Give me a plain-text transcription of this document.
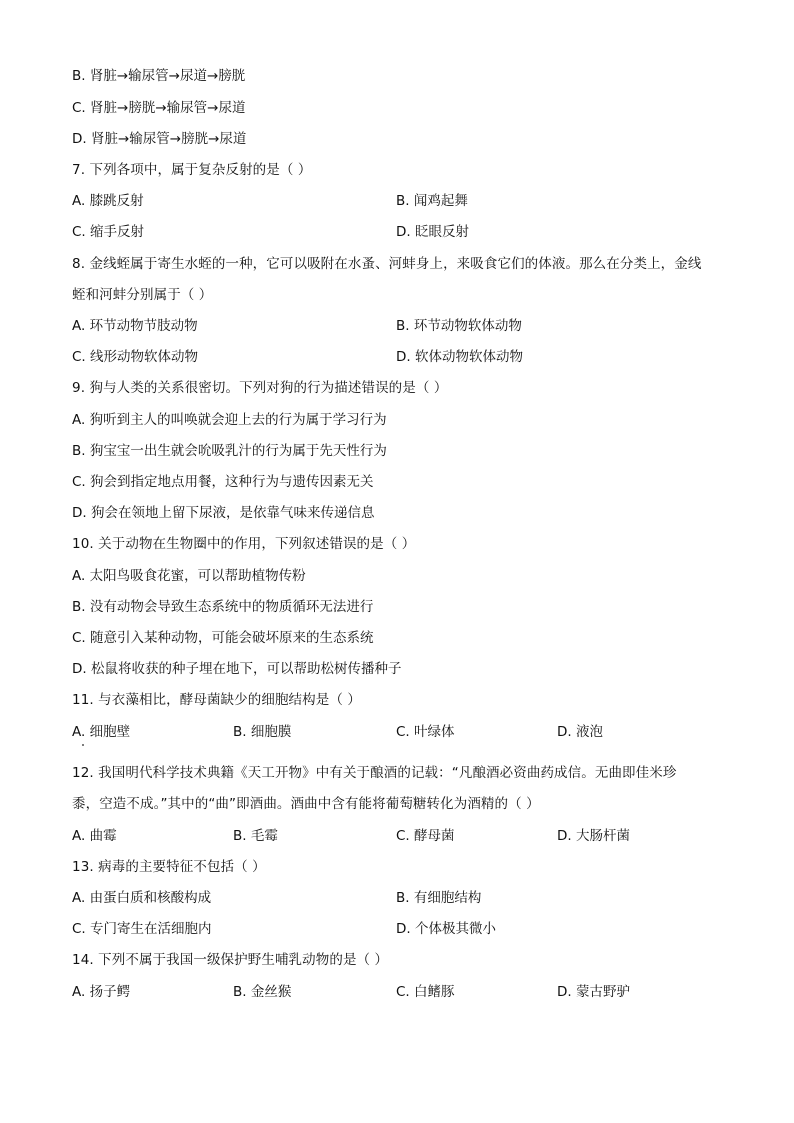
B. 肾脏→输尿管→尿道→膀胱
C. 肾脏→膀胱→输尿管→尿道
D. 肾脏→输尿管→膀胱→尿道
7. 下列各项中，属于复杂反射的是（ ）
A. 膝跳反射	B. 闻鸡起舞
C. 缩手反射	D. 眨眼反射
8. 金线蛭属于寄生水蛭的一种，它可以吸附在水蚤、河蚌身上，来吸食它们的体液。那么在分类上，金线
蛭和河蚌分别属于（ ）
A. 环节动物节肢动物	B. 环节动物软体动物
C. 线形动物软体动物	D. 软体动物软体动物
9. 狗与人类的关系很密切。下列对狗的行为描述错误的是（ ）
A. 狗听到主人的叫唤就会迎上去的行为属于学习行为
B. 狗宝宝一出生就会吮吸乳汁的行为属于先天性行为
C. 狗会到指定地点用餐，这种行为与遗传因素无关
D. 狗会在领地上留下尿液，是依靠气味来传递信息
10. 关于动物在生物圈中的作用，下列叙述错误的是（ ）
A. 太阳鸟吸食花蜜，可以帮助植物传粉
B. 没有动物会导致生态系统中的物质循环无法进行
C. 随意引入某种动物，可能会破坏原来的生态系统
D. 松鼠将收获的种子埋在地下，可以帮助松树传播种子
11. 与衣藻相比，酵母菌缺少的细胞结构是（ ）
A. 细胞壁	B. 细胞膜	C. 叶绿体	D. 液泡
12. 我国明代科学技术典籍《天工开物》中有关于酿酒的记载：“凡酿酒必资曲药成信。无曲即佳米珍
黍，空造不成。”其中的“曲”即酒曲。酒曲中含有能将葡萄糖转化为酒精的（ ）
A. 曲霉	B. 毛霉	C. 酵母菌	D. 大肠杆菌
13. 病毒的主要特征不包括（ ）
A. 由蛋白质和核酸构成	B. 有细胞结构
C. 专门寄生在活细胞内	D. 个体极其微小
14. 下列不属于我国一级保护野生哺乳动物的是（ ）
A. 扬子鳄	B. 金丝猴	C. 白鳍豚	D. 蒙古野驴
